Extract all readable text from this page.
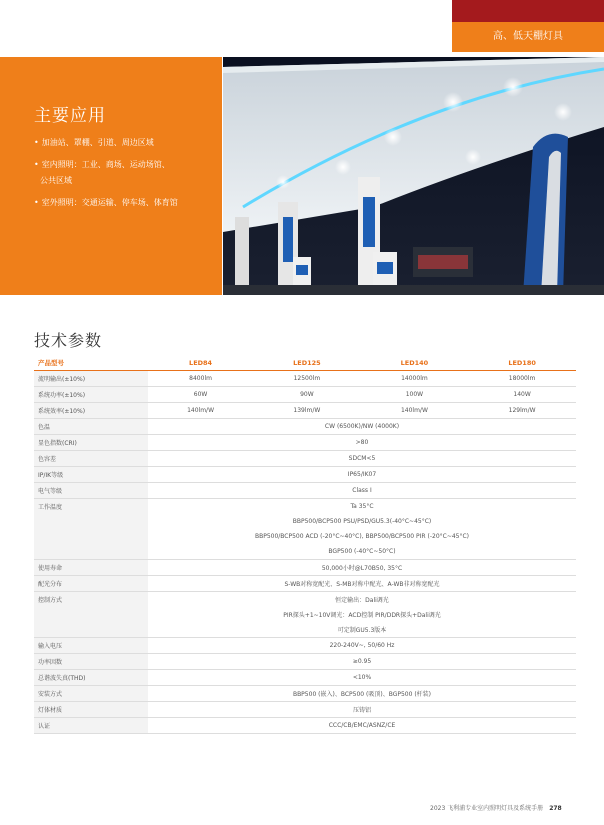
高、低天棚灯具
主要应用
• 加油站、罩棚、引道、周边区域
• 室内照明：工业、商场、运动场馆、
公共区域
• 室外照明：交通运输、停车场、体育馆
技术参数
产品型号	LED84	LED125	LED140	LED180
流明输出(±10%)	8400lm	12500lm	14000lm	18000lm
系统功率(±10%)	60W	90W	100W	140W
系统效率(±10%)	140lm/W	139lm/W	140lm/W	129lm/W
色温	CW (6500K)/NW (4000K)			
显色指数(CRI)	>80			
色容差	SDCM<5			
IP/IK等级	IP65/IK07			
电气等级	Class I			
工作温度	Ta 35°C			
	BBP500/BCP500 PSU/PSD/GU5.3(-40°C~45°C)			
	BBP500/BCP500 ACD (-20°C~40°C), BBP500/BCP500 PIR (-20°C~45°C)			
	BGP500 (-40°C~50°C)			
使用寿命	50,000小时@L70B50, 35°C			
配光分布	S-WB对称宽配光、S-MB对称中配光、A-WB非对称宽配光			
控制方式	恒定输出：Dali调光			
	PIR探头+1~10V调光：ACD控制 PIR/DDR探头+Dali调光			
	可定制GU5.3版本			
输入电压	220-240V~, 50/60 Hz			
功率因数	≥0.95			
总谐波失真(THD)	<10%			
安装方式	BBP500 (嵌入)、BCP500 (吸顶)、BGP500 (杆装)			
灯体材质	压铸铝			
认证	CCC/CB/EMC/ASNZ/CE			
2023 飞利浦专业室内照明灯具及系统手册 278
